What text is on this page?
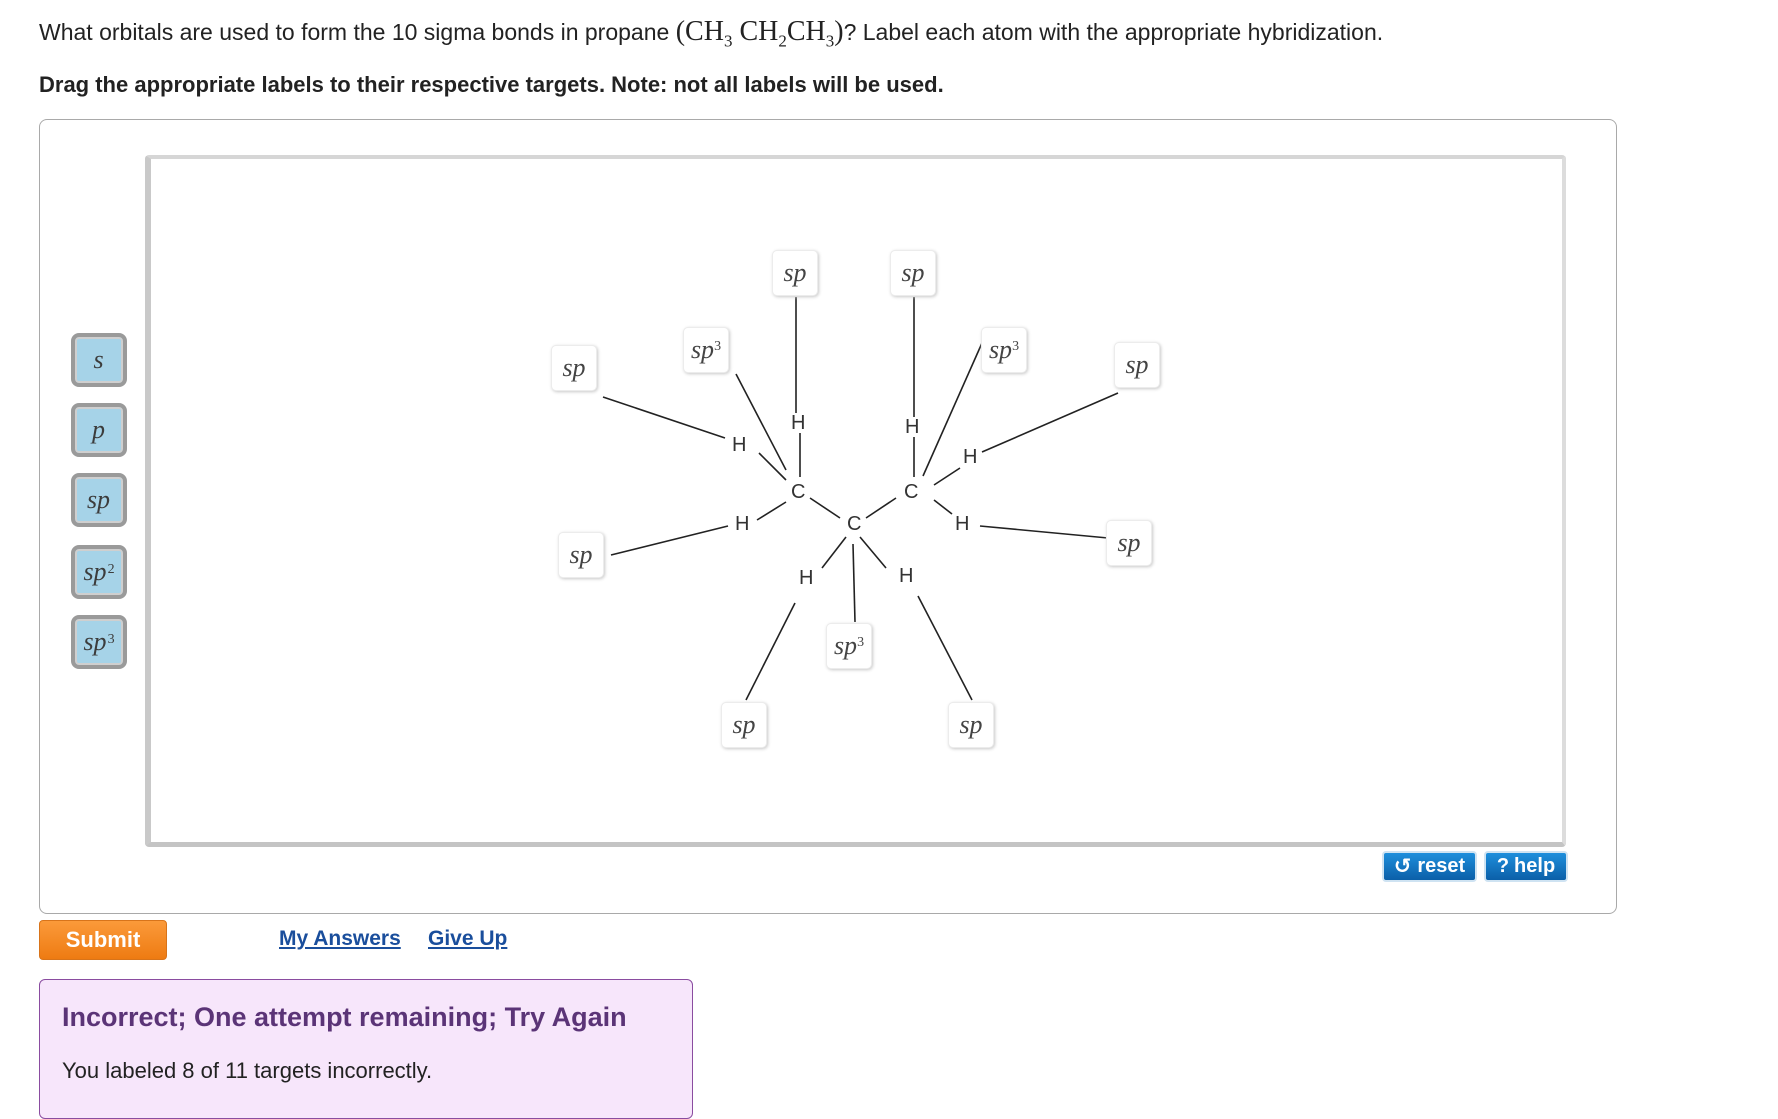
What orbitals are used to form the 10 sigma bonds in propane ($CH_3$ $CH_2CH_3$)? Label each atom with the appropriate hybridization.
Drag the appropriate labels to their respective targets. Note: not all labels will be used.
s
p
sp
$sp^2$
$sp^3$
H
H
C
H	C
H	H
H
C
H
H
sp	sp
sp
$sp^3$	$sp^3$
sp
sp	sp
$sp^3$
sp	sp
↺ reset ? help
Submit	My Answers Give Up
Incorrect; One attempt remaining; Try Again
You labeled 8 of 11 targets incorrectly.
